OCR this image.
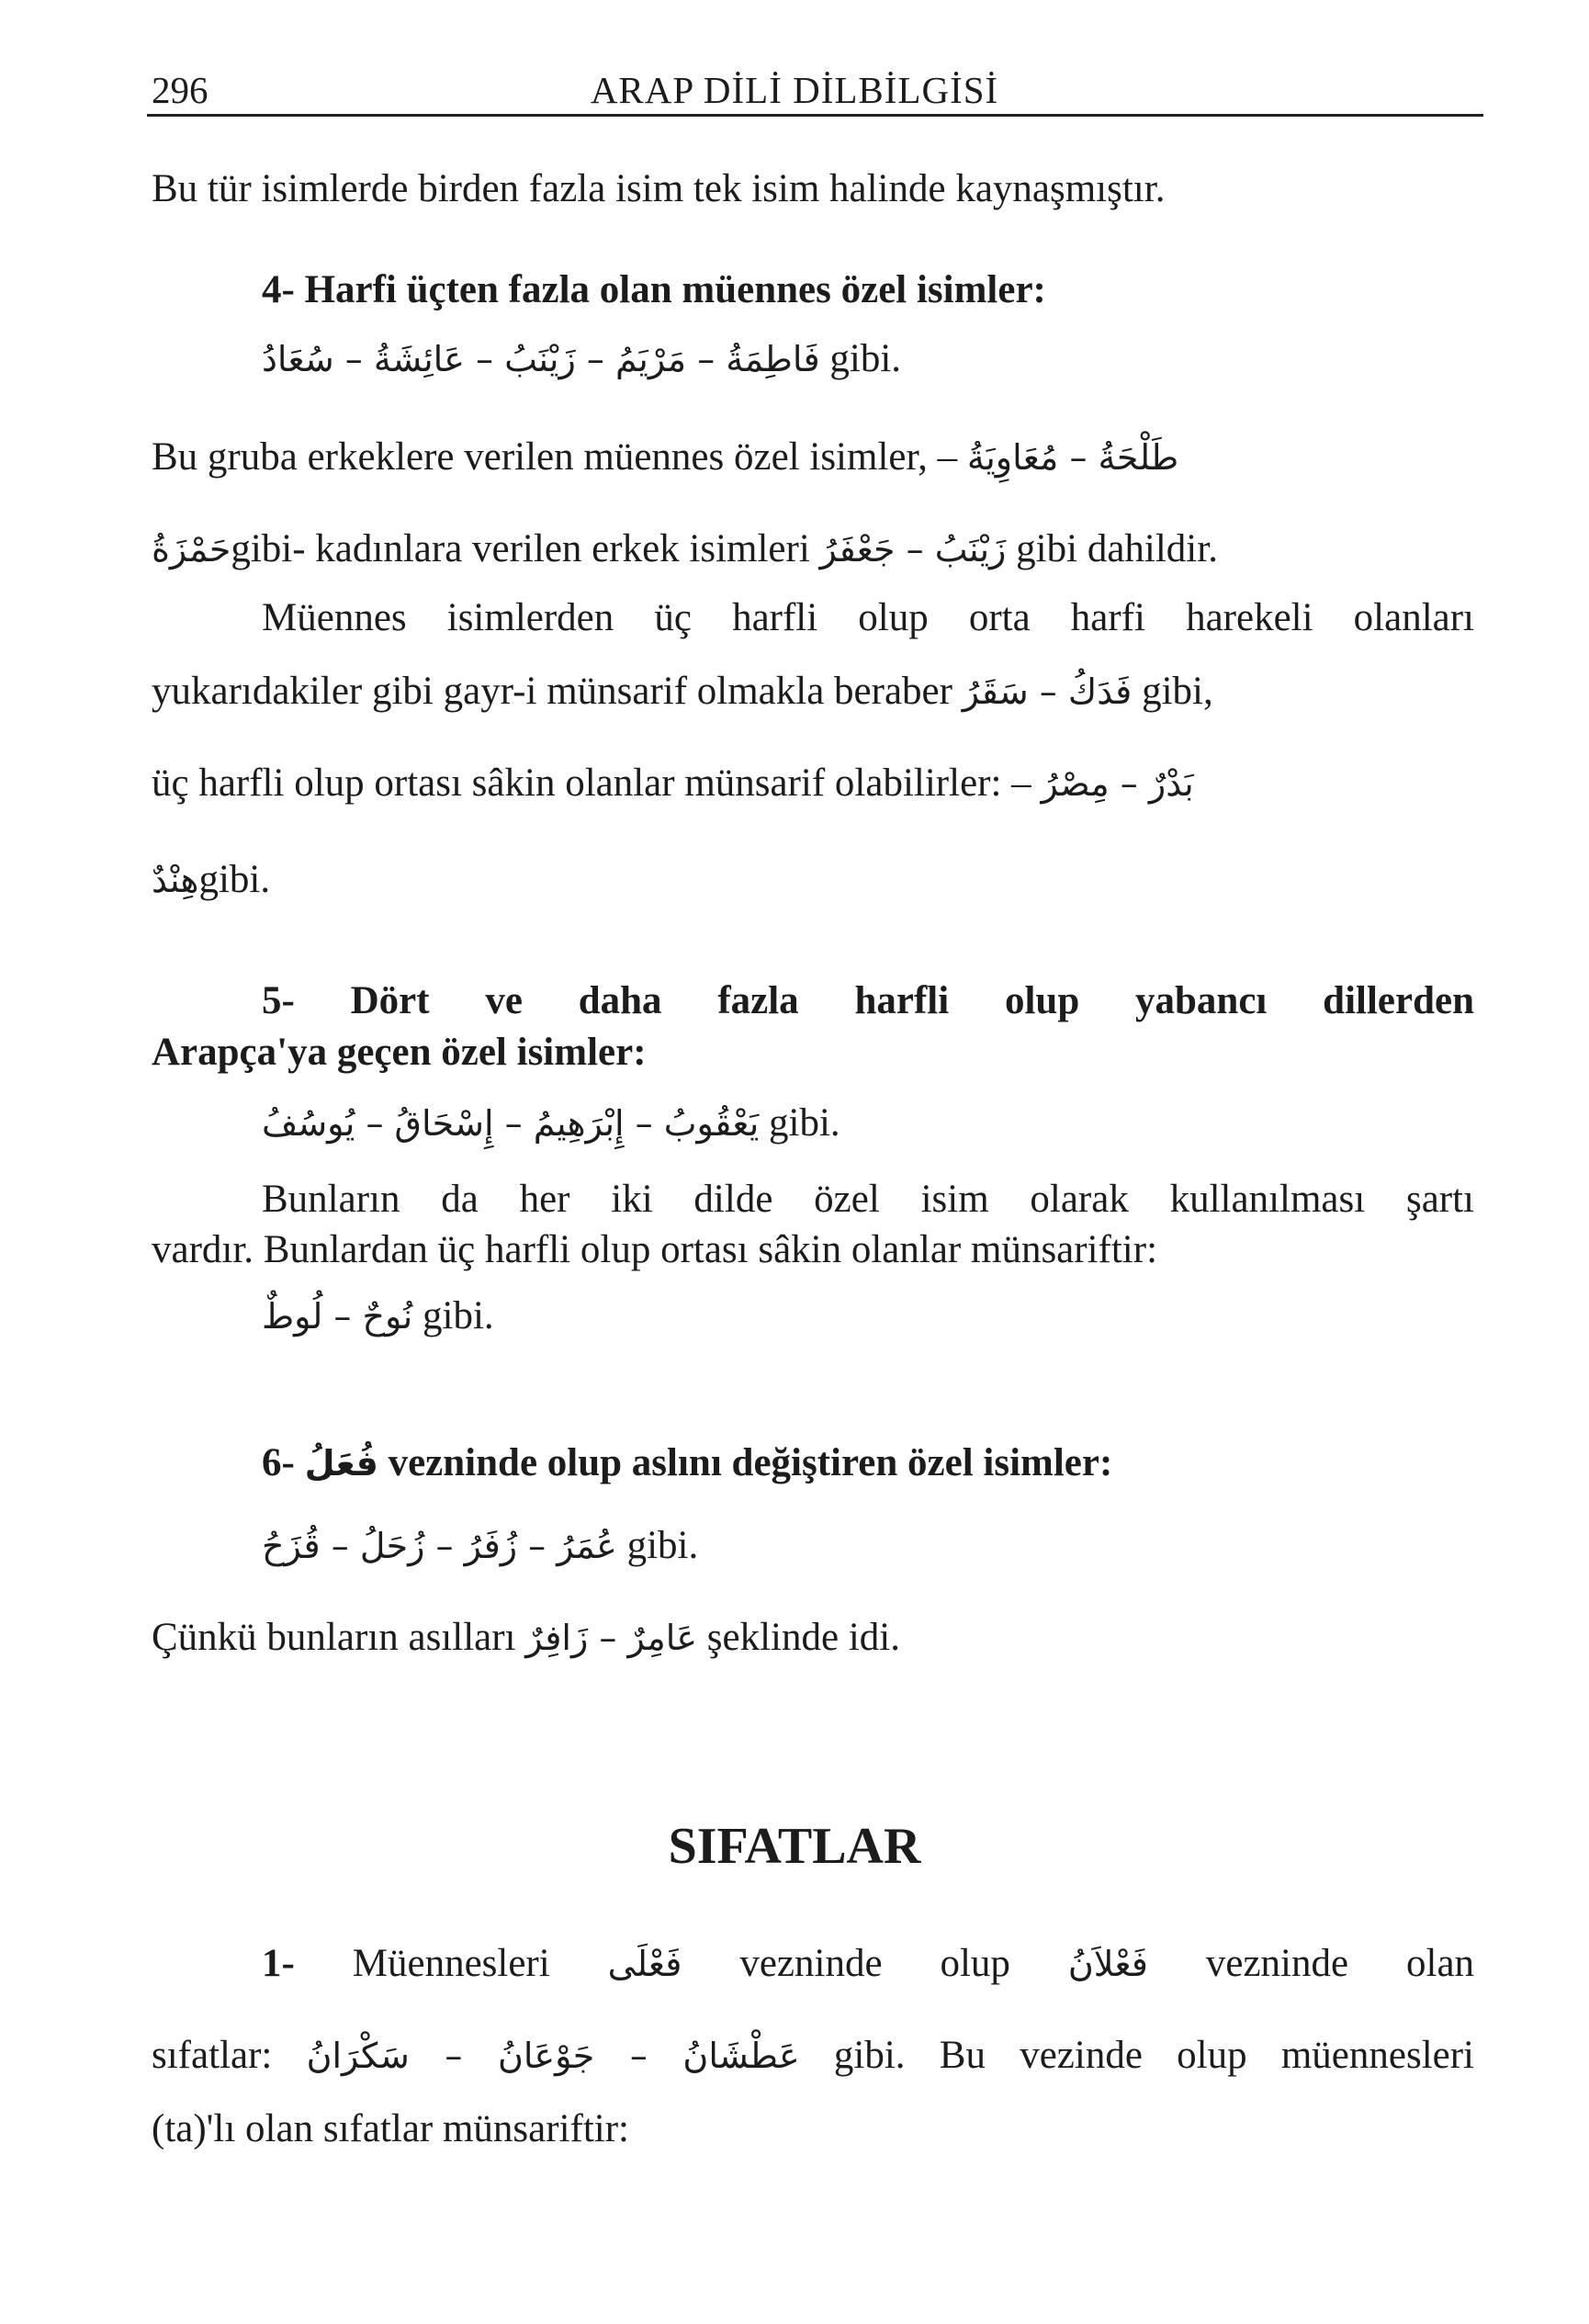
296	ARAP DİLİ DİLBİLGİSİ
Bu tür isimlerde birden fazla isim tek isim halinde kaynaşmıştır.
4- Harfi üçten fazla olan müennes özel isimler:
فَاطِمَةُ – مَرْيَمُ – زَيْنَبُ – عَائِشَةُ – سُعَادُ gibi.
Bu gruba erkeklere verilen müennes özel isimler, – طَلْحَةُ – مُعَاوِيَةُ
حَمْزَةُgibi- kadınlara verilen erkek isimleri زَيْنَبُ – جَعْفَرُ gibi dahildir.
Müennes isimlerden üç harfli olup orta harfi harekeli olanları
yukarıdakiler gibi gayr-i münsarif olmakla beraber فَدَكُ – سَقَرُ gibi,
üç harfli olup ortası sâkin olanlar münsarif olabilirler: – بَدْرٌ – مِصْرُ
هِنْدٌgibi.
5- Dört ve daha fazla harfli olup yabancı dillerden
Arapça'ya geçen özel isimler:
يَعْقُوبُ – إِبْرَهِيمُ – إِسْحَاقُ – يُوسُفُ gibi.
Bunların da her iki dilde özel isim olarak kullanılması şartı
vardır. Bunlardan üç harfli olup ortası sâkin olanlar münsariftir:
نُوحٌ – لُوطٌ gibi.
6- فُعَلُ vezninde olup aslını değiştiren özel isimler:
عُمَرُ – زُفَرُ – زُحَلُ – قُزَحُ gibi.
Çünkü bunların asılları عَامِرٌ – زَافِرٌ şeklinde idi.
SIFATLAR
1- Müennesleri فَعْلَى vezninde olup فَعْلاَنُ vezninde olan
sıfatlar: عَطْشَانُ – جَوْعَانُ – سَكْرَانُ gibi. Bu vezinde olup müennesleri
(ta)'lı olan sıfatlar münsariftir:
